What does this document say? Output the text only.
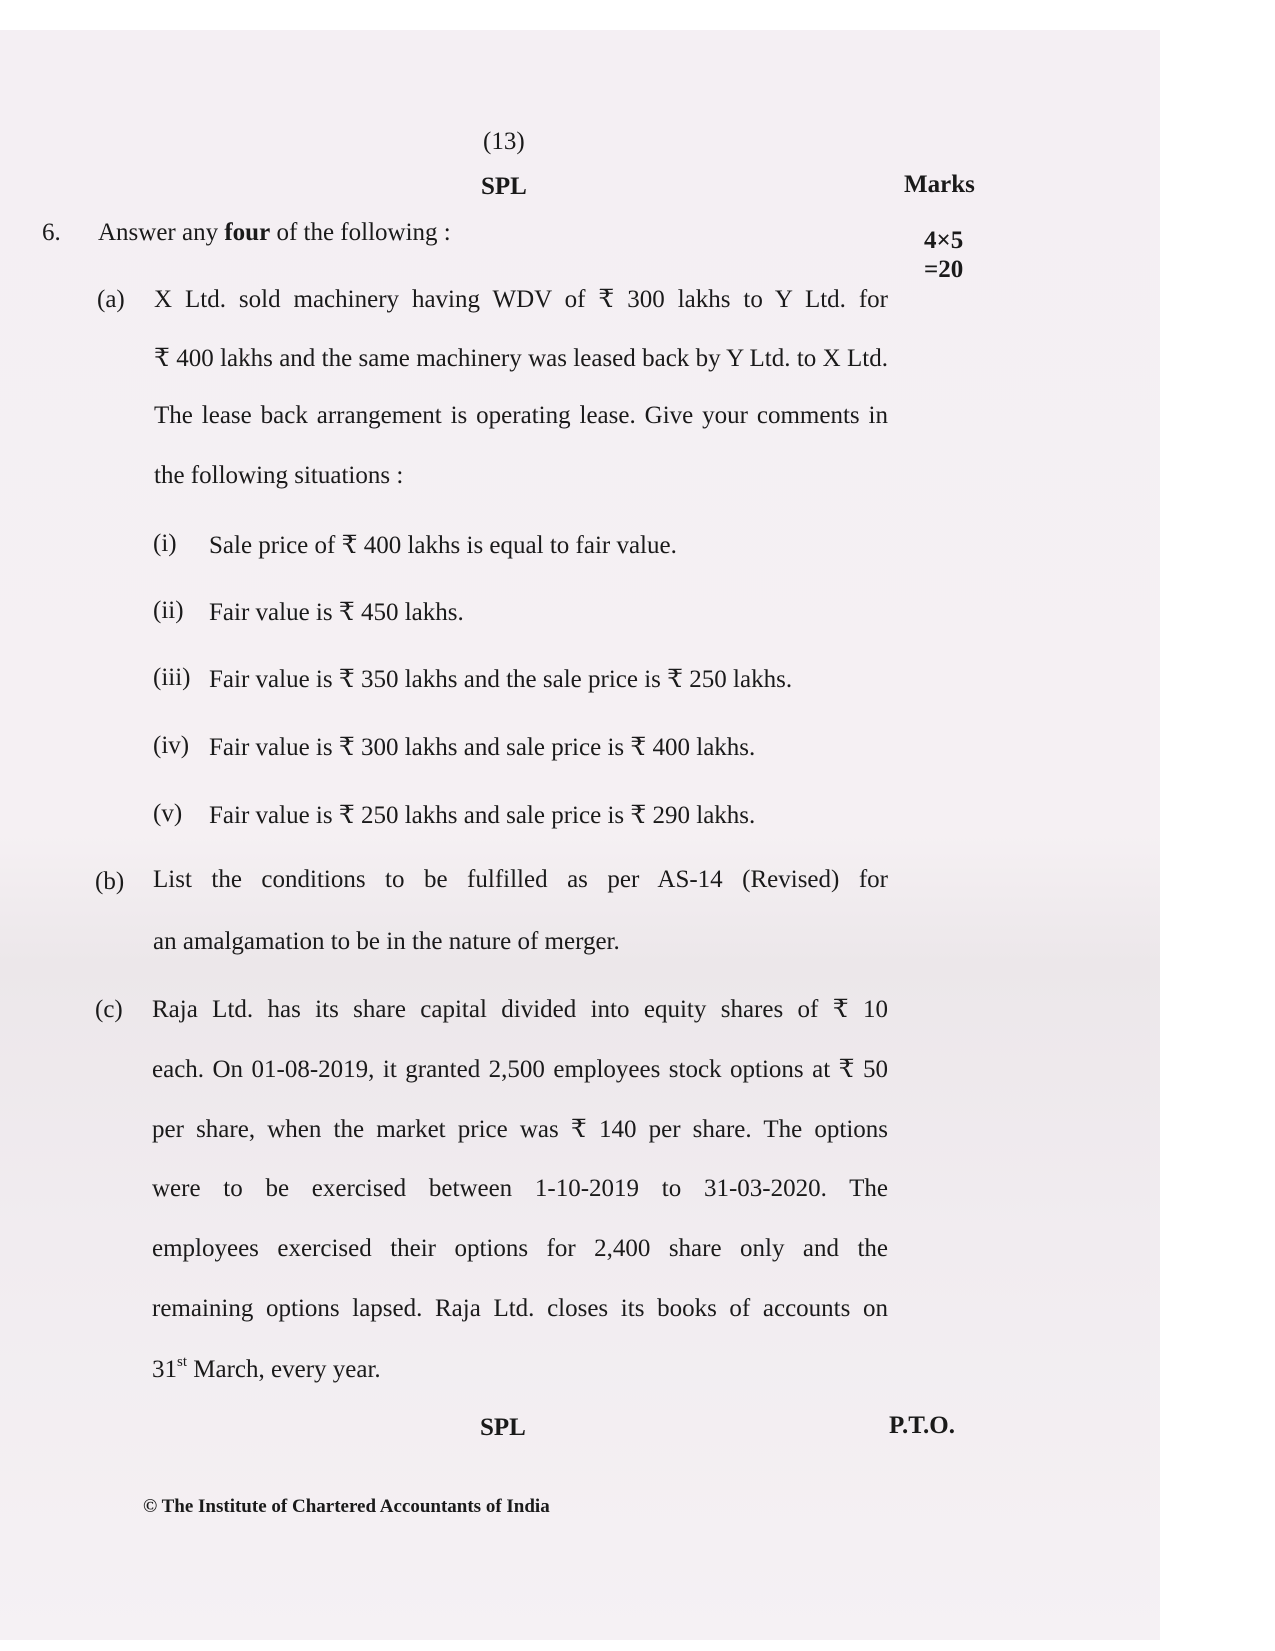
(13)
SPL	Marks
6. Answer any four of the following :	4×5
=20
(a) X Ltd. sold machinery having WDV of ₹ 300 lakhs to Y Ltd. for
₹ 400 lakhs and the same machinery was leased back by Y Ltd. to X Ltd.
The lease back arrangement is operating lease. Give your comments in
the following situations :
(i) Sale price of ₹ 400 lakhs is equal to fair value.
(ii) Fair value is ₹ 450 lakhs.
(iii) Fair value is ₹ 350 lakhs and the sale price is ₹ 250 lakhs.
(iv) Fair value is ₹ 300 lakhs and sale price is ₹ 400 lakhs.
(v) Fair value is ₹ 250 lakhs and sale price is ₹ 290 lakhs.
(b) List the conditions to be fulfilled as per AS-14 (Revised) for
an amalgamation to be in the nature of merger.
(c) Raja Ltd. has its share capital divided into equity shares of ₹ 10
each. On 01-08-2019, it granted 2,500 employees stock options at ₹ 50
per share, when the market price was ₹ 140 per share. The options
were to be exercised between 1-10-2019 to 31-03-2020. The
employees exercised their options for 2,400 share only and the
remaining options lapsed. Raja Ltd. closes its books of accounts on
31st March, every year.
SPL	P.T.O.
© The Institute of Chartered Accountants of India
